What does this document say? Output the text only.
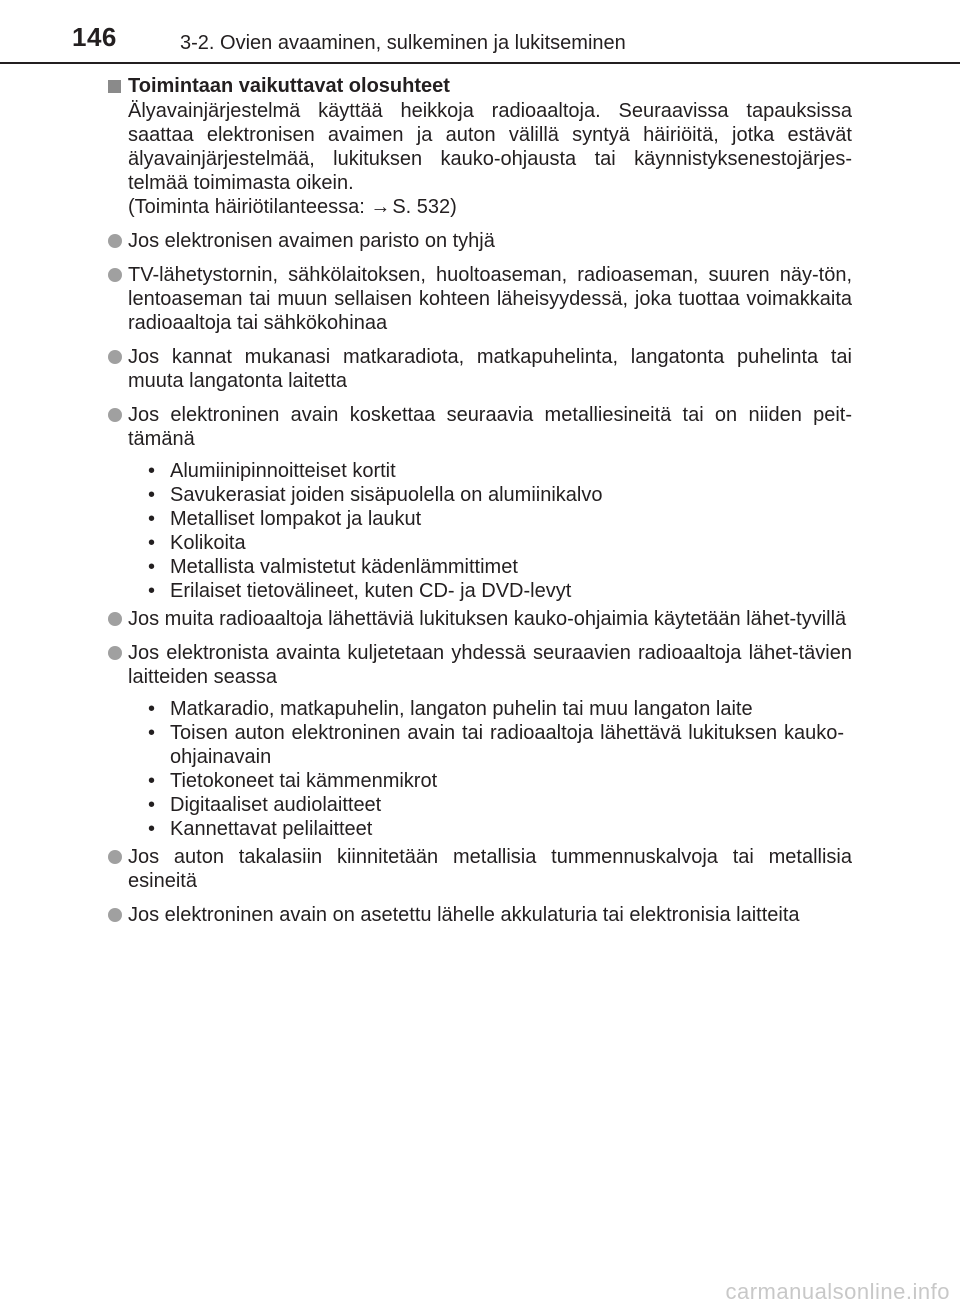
146	3-2. Ovien avaaminen, sulkeminen ja lukitseminen
Toimintaan vaikuttavat olosuhteet
Älyavainjärjestelmä käyttää heikkoja radioaaltoja. Seuraavissa tapauksissa saattaa elektronisen avaimen ja auton välillä syntyä häiriöitä, jotka estävät älyavainjärjestelmää, lukituksen kauko-ohjausta tai käynnistyksenestojärjes-telmää toimimasta oikein.
(Toiminta häiriötilanteessa: → S. 532)
Jos elektronisen avaimen paristo on tyhjä
TV-lähetystornin, sähkölaitoksen, huoltoaseman, radioaseman, suuren näy-tön, lentoaseman tai muun sellaisen kohteen läheisyydessä, joka tuottaa voimakkaita radioaaltoja tai sähkökohinaa
Jos kannat mukanasi matkaradiota, matkapuhelinta, langatonta puhelinta tai muuta langatonta laitetta
Jos elektroninen avain koskettaa seuraavia metalliesineitä tai on niiden peit-tämänä
• Alumiinipinnoitteiset kortit
• Savukerasiat joiden sisäpuolella on alumiinikalvo
• Metalliset lompakot ja laukut
• Kolikoita
• Metallista valmistetut kädenlämmittimet
• Erilaiset tietovälineet, kuten CD- ja DVD-levyt
Jos muita radioaaltoja lähettäviä lukituksen kauko-ohjaimia käytetään lähet-tyvillä
Jos elektronista avainta kuljetetaan yhdessä seuraavien radioaaltoja lähet-tävien laitteiden seassa
• Matkaradio, matkapuhelin, langaton puhelin tai muu langaton laite
• Toisen auton elektroninen avain tai radioaaltoja lähettävä lukituksen kauko-ohjainavain
• Tietokoneet tai kämmenmikrot
• Digitaaliset audiolaitteet
• Kannettavat pelilaitteet
Jos auton takalasiin kiinnitetään metallisia tummennuskalvoja tai metallisia esineitä
Jos elektroninen avain on asetettu lähelle akkulaturia tai elektronisia laitteita
carmanualsonline.info
